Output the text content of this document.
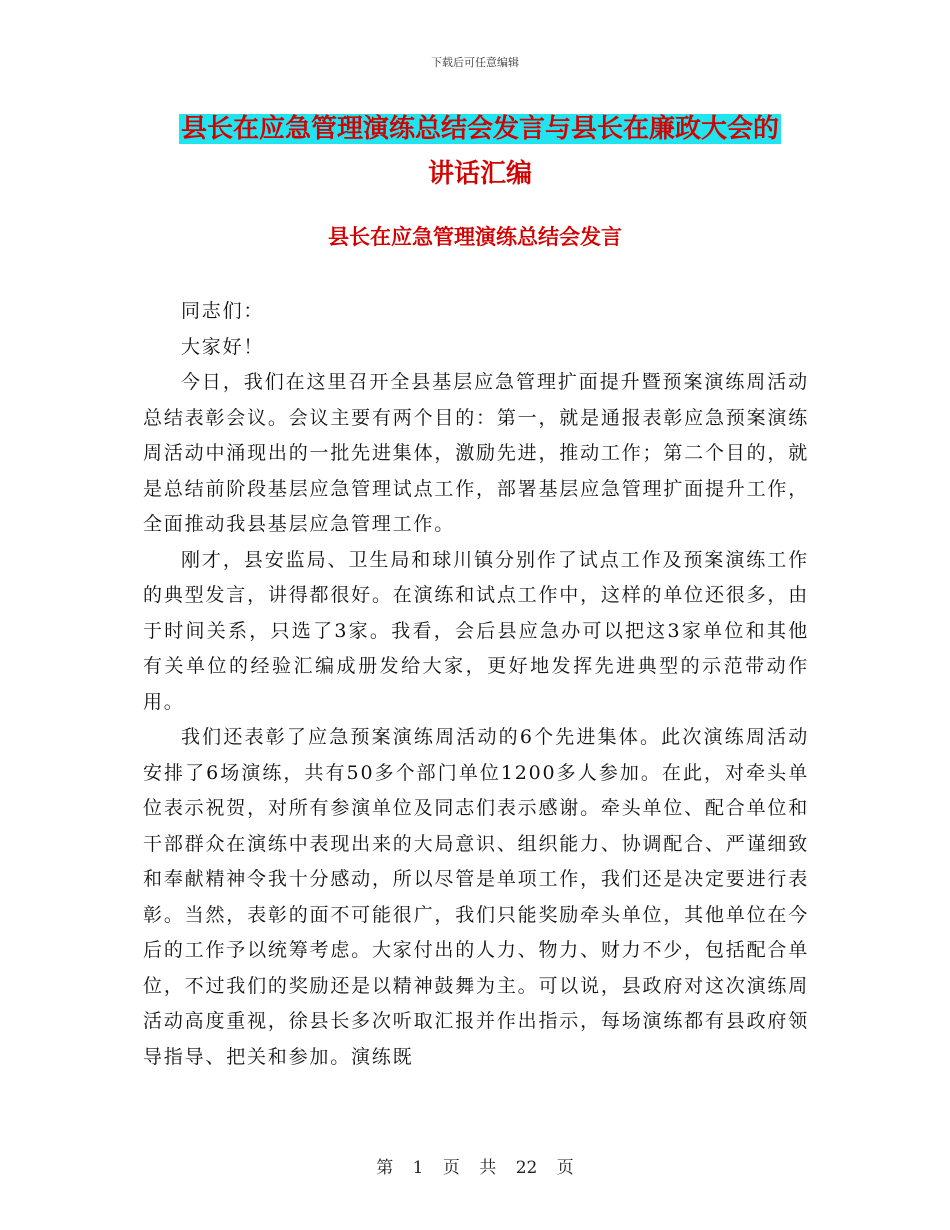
下载后可任意编辑
县长在应急管理演练总结会发言与县长在廉政大会的
讲话汇编
县长在应急管理演练总结会发言

同志们：

大家好！

今日，我们在这里召开全县基层应急管理扩面提升暨预案演练周活动总结表彰会议。会议主要有两个目的：第一，就是通报表彰应急预案演练周活动中涌现出的一批先进集体，激励先进，推动工作；第二个目的，就是总结前阶段基层应急管理试点工作，部署基层应急管理扩面提升工作，全面推动我县基层应急管理工作。

刚才，县安监局、卫生局和球川镇分别作了试点工作及预案演练工作的典型发言，讲得都很好。在演练和试点工作中，这样的单位还很多，由于时间关系，只选了3家。我看，会后县应急办可以把这3家单位和其他有关单位的经验汇编成册发给大家，更好地发挥先进典型的示范带动作用。

我们还表彰了应急预案演练周活动的6个先进集体。此次演练周活动安排了6场演练，共有50多个部门单位1200多人参加。在此，对牵头单位表示祝贺，对所有参演单位及同志们表示感谢。牵头单位、配合单位和干部群众在演练中表现出来的大局意识、组织能力、协调配合、严谨细致和奉献精神令我十分感动，所以尽管是单项工作，我们还是决定要进行表彰。当然，表彰的面不可能很广，我们只能奖励牵头单位，其他单位在今后的工作予以统筹考虑。大家付出的人力、物力、财力不少，包括配合单位，不过我们的奖励还是以精神鼓舞为主。可以说，县政府对这次演练周活动高度重视，徐县长多次听取汇报并作出指示，每场演练都有县政府领导指导、把关和参加。演练既

第 1 页 共 22 页
